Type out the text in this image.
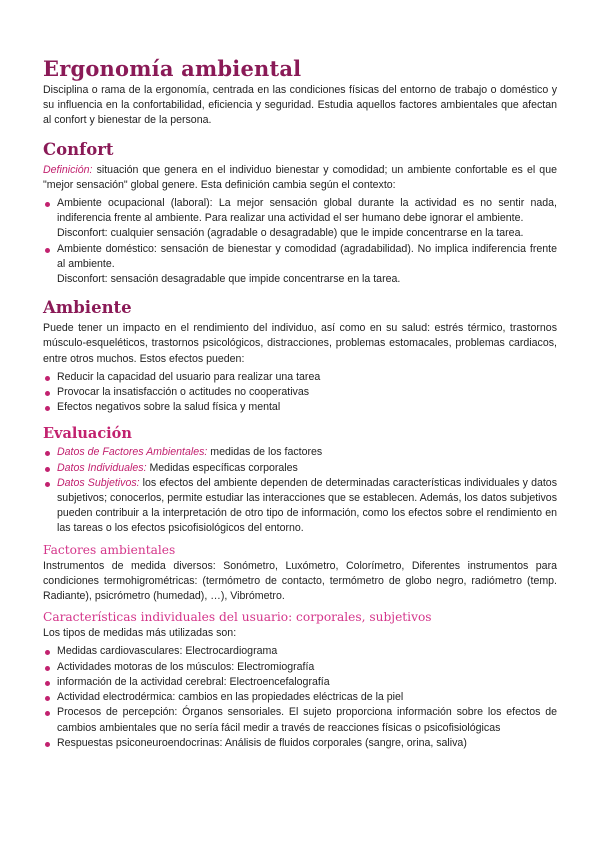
Ergonomía ambiental

Disciplina o rama de la ergonomía, centrada en las condiciones físicas del entorno de trabajo o doméstico y su influencia en la confortabilidad, eficiencia y seguridad. Estudia aquellos factores ambientales que afectan al confort y bienestar de la persona.

Confort

Definición: situación que genera en el individuo bienestar y comodidad; un ambiente confortable es el que "mejor sensación" global genere. Esta definición cambia según el contexto:

Ambiente ocupacional (laboral): La mejor sensación global durante la actividad es no sentir nada, indiferencia frente al ambiente. Para realizar una actividad el ser humano debe ignorar el ambiente.
Disconfort: cualquier sensación (agradable o desagradable) que le impide concentrarse en la tarea.
Ambiente doméstico: sensación de bienestar y comodidad (agradabilidad). No implica indiferencia frente al ambiente.
Disconfort: sensación desagradable que impide concentrarse en la tarea.
Ambiente

Puede tener un impacto en el rendimiento del individuo, así como en su salud: estrés térmico, trastornos músculo-esqueléticos, trastornos psicológicos, distracciones, problemas estomacales, problemas cardiacos, entre otros muchos. Estos efectos pueden:

Reducir la capacidad del usuario para realizar una tarea
Provocar la insatisfacción o actitudes no cooperativas
Efectos negativos sobre la salud física y mental
Evaluación
Datos de Factores Ambientales: medidas de los factores
Datos Individuales: Medidas específicas corporales
Datos Subjetivos: los efectos del ambiente dependen de determinadas características individuales y datos subjetivos; conocerlos, permite estudiar las interacciones que se establecen. Además, los datos subjetivos pueden contribuir a la interpretación de otro tipo de información, como los efectos sobre el rendimiento en las tareas o los efectos psicofisiológicos del entorno.
Factores ambientales

Instrumentos de medida diversos: Sonómetro, Luxómetro, Colorímetro, Diferentes instrumentos para condiciones termohigrométricas: (termómetro de contacto, termómetro de globo negro, radiómetro (temp. Radiante), psicrómetro (humedad), …), Vibrómetro.

Características individuales del usuario: corporales, subjetivos

Los tipos de medidas más utilizadas son:

Medidas cardiovasculares: Electrocardiograma
Actividades motoras de los músculos: Electromiografía
información de la actividad cerebral: Electroencefalografía
Actividad electrodérmica: cambios en las propiedades eléctricas de la piel
Procesos de percepción: Órganos sensoriales. El sujeto proporciona información sobre los efectos de cambios ambientales que no sería fácil medir a través de reacciones físicas o psicofisiológicas
Respuestas psiconeuroendocrinas: Análisis de fluidos corporales (sangre, orina, saliva)
